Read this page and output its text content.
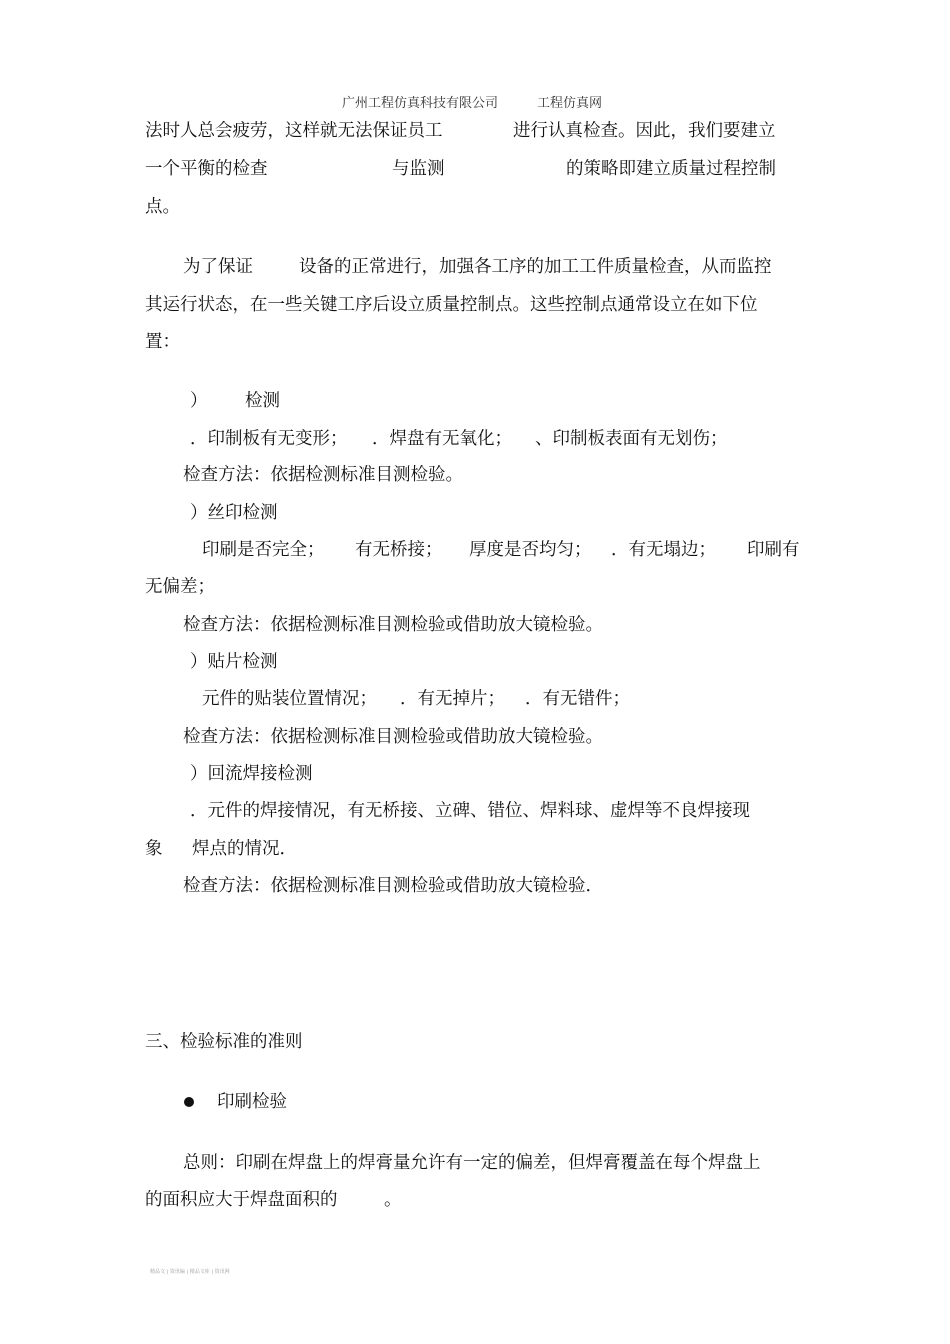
广州工程仿真科技有限公司	工程仿真网
法时人总会疲劳，这样就无法保证员工	进行认真检查。因此，我们要建立
一个平衡的检查	与监测	的策略即建立质量过程控制
点。
为了保证	设备的正常进行，加强各工序的加工工件质量检查，从而监控
其运行状态，在一些关键工序后设立质量控制点。这些控制点通常设立在如下位
置：
） 检测
．印制板有无变形； ．焊盘有无氧化； 、印制板表面有无划伤；
检查方法：依据检测标准目测检验。
）丝印检测
印刷是否完全； 有无桥接； 厚度是否均匀； ．有无塌边； 印刷有
无偏差；
检查方法：依据检测标准目测检验或借助放大镜检验。
）贴片检测
元件的贴装位置情况； ．有无掉片； ．有无错件；
检查方法：依据检测标准目测检验或借助放大镜检验。
）回流焊接检测
．元件的焊接情况，有无桥接、立碑、错位、焊料球、虚焊等不良焊接现
象 焊点的情况．
检查方法：依据检测标准目测检验或借助放大镜检验．
三、检验标准的准则
印刷检验
总则：印刷在焊盘上的焊膏量允许有一定的偏差，但焊膏覆盖在每个焊盘上
的面积应大于焊盘面积的	。
精品文 | 资讯编 | 精品文库 | 资讯网
